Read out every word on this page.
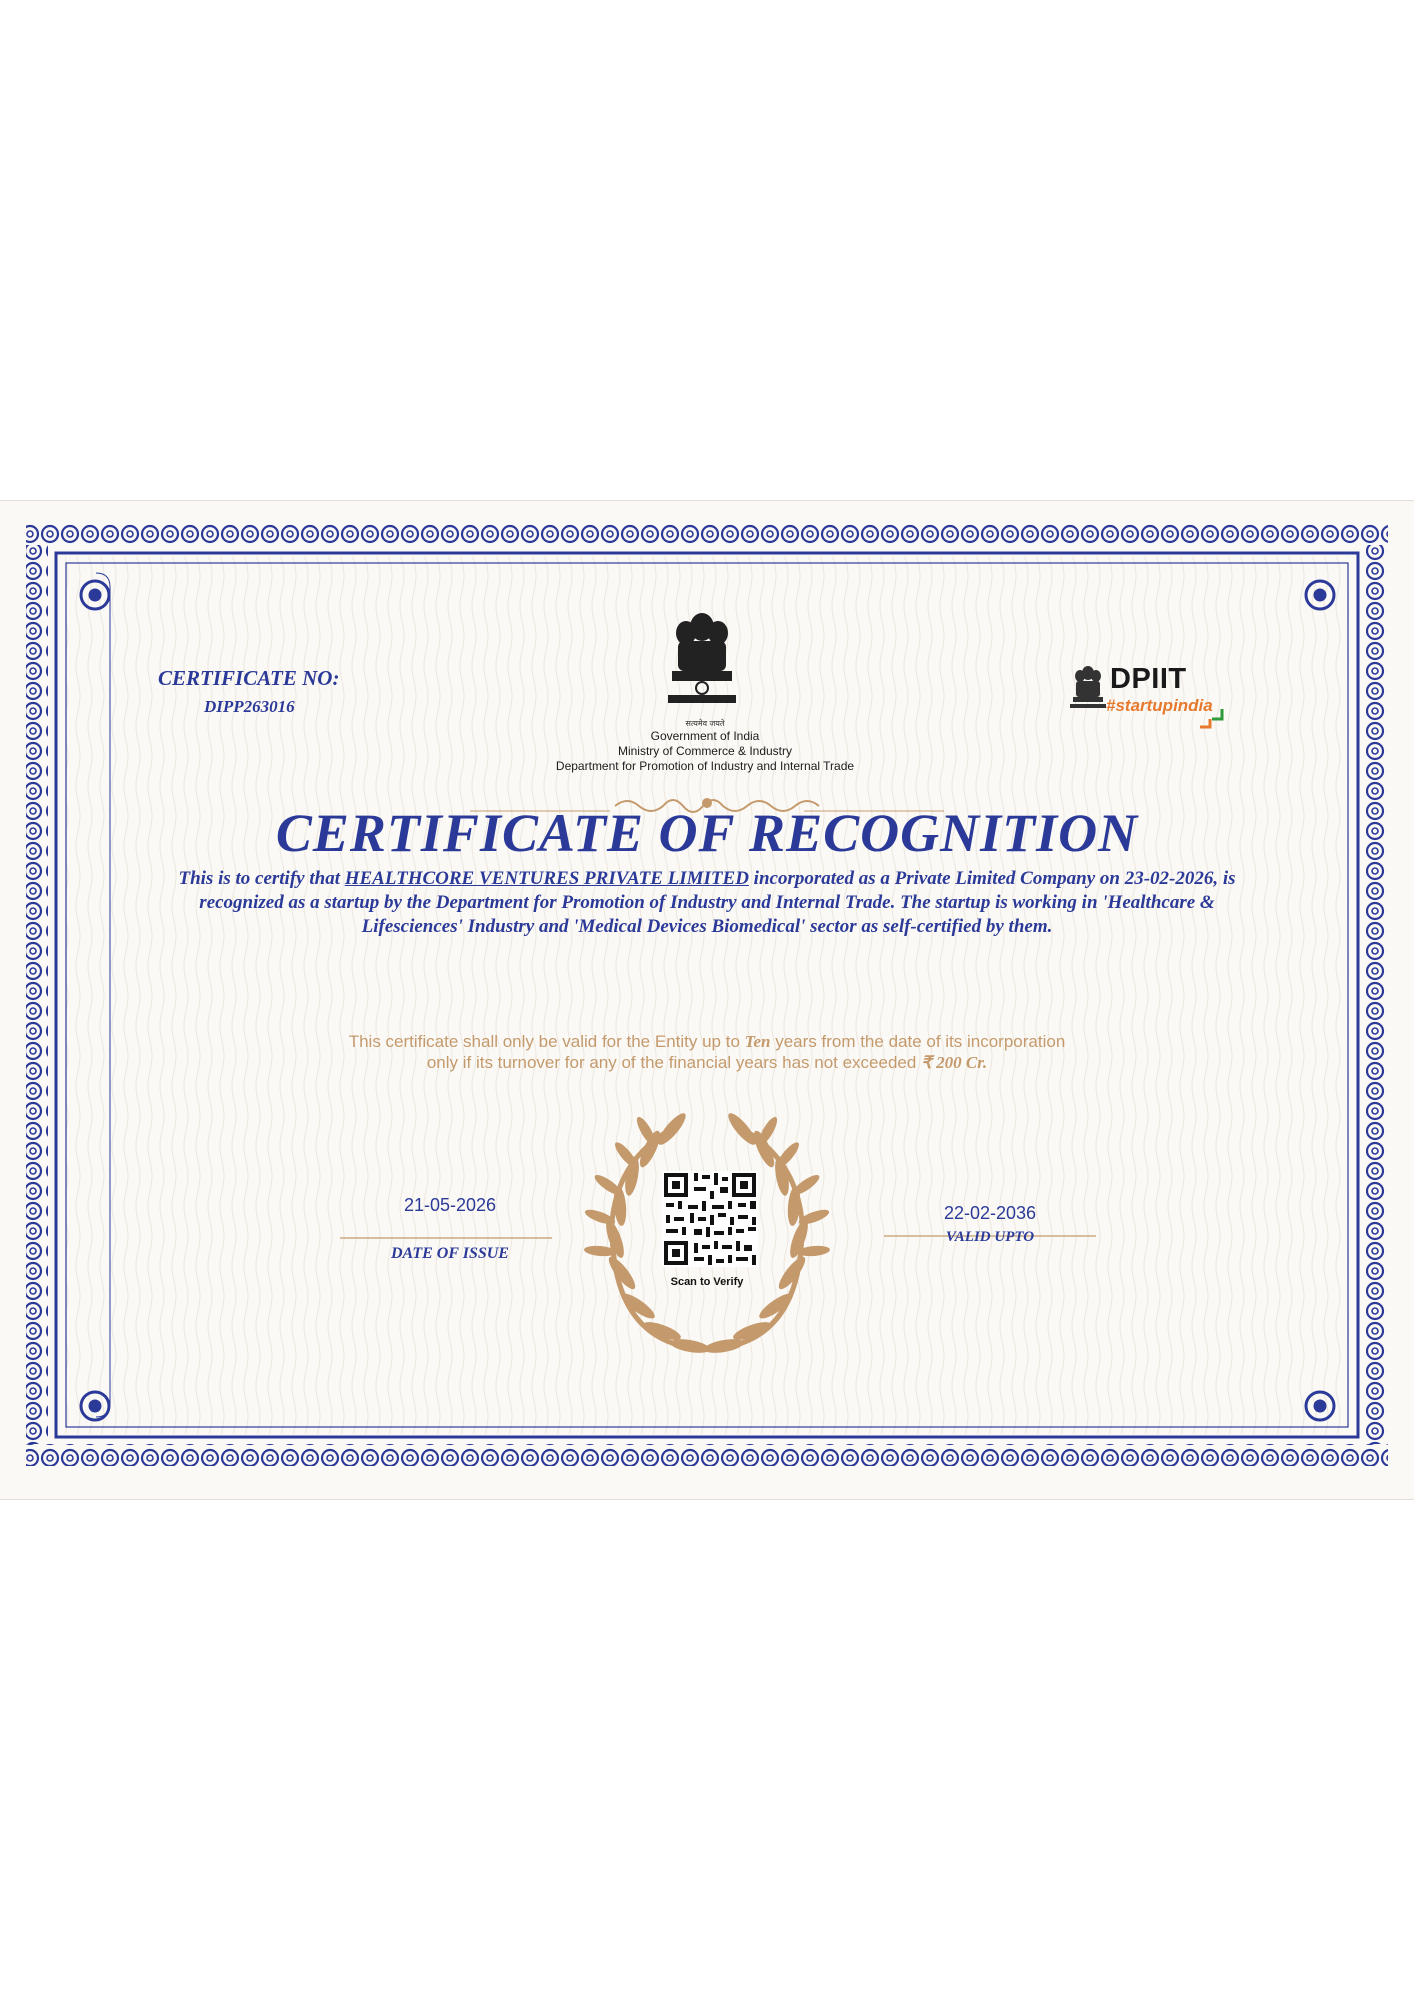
CERTIFICATE NO:
DIPP263016
सत्यमेव जयते
Government of India
Ministry of Commerce & Industry
Department for Promotion of Industry and Internal Trade
DPIIT
#startupindia
CERTIFICATE OF RECOGNITION
This is to certify that HEALTHCORE VENTURES PRIVATE LIMITED incorporated as a Private Limited Company on 23-02-2026, is recognized as a startup by the Department for Promotion of Industry and Internal Trade. The startup is working in 'Healthcare & Lifesciences' Industry and 'Medical Devices Biomedical' sector as self-certified by them.
This certificate shall only be valid for the Entity up to Ten years from the date of its incorporation
only if its turnover for any of the financial years has not exceeded ₹ 200 Cr.
21-05-2026
DATE OF ISSUE
22-02-2036
VALID UPTO
Scan to Verify
